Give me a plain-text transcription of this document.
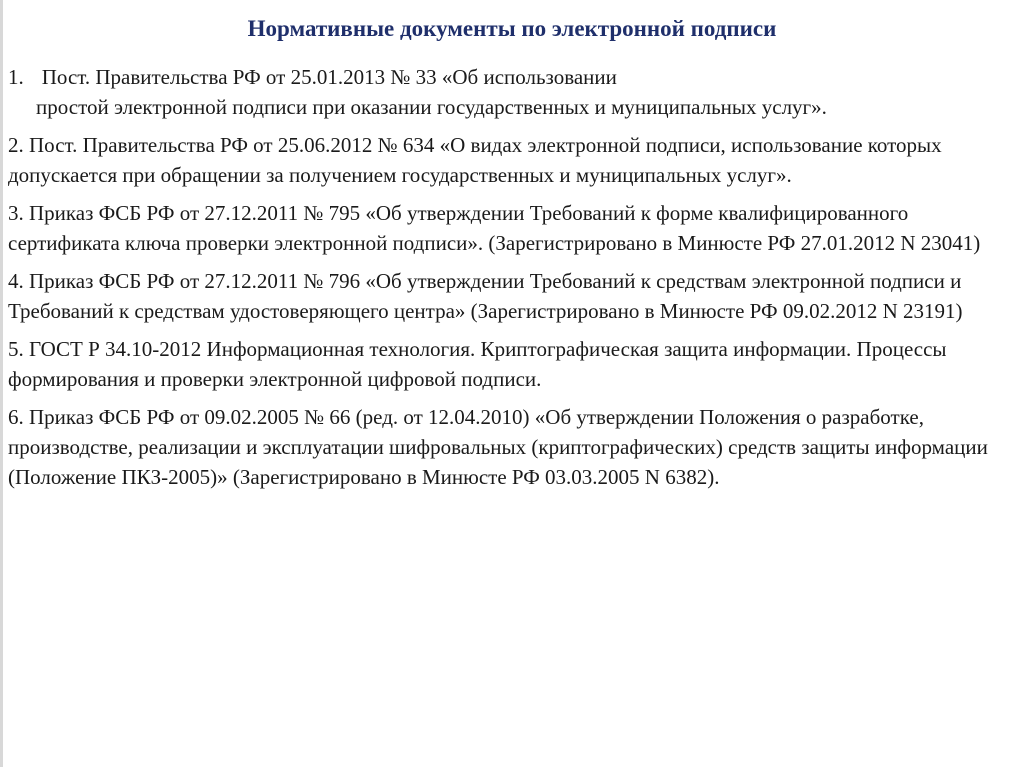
Нормативные документы по электронной подписи
1. Пост. Правительства РФ от 25.01.2013 № 33 «Об использовании
простой электронной подписи при оказании государственных и муниципальных услуг».
2. Пост. Правительства РФ от 25.06.2012 № 634 «О видах электронной подписи, использование которых допускается при обращении за получением государственных и муниципальных услуг».
3. Приказ ФСБ РФ от 27.12.2011 № 795 «Об утверждении Требований к форме квалифицированного сертификата ключа проверки электронной подписи». (Зарегистрировано в Минюсте РФ 27.01.2012 N 23041)
4. Приказ ФСБ РФ от 27.12.2011 № 796 «Об утверждении Требований к средствам электронной подписи и Требований к средствам удостоверяющего центра» (Зарегистрировано в Минюсте РФ 09.02.2012 N 23191)
5. ГОСТ Р 34.10-2012 Информационная технология. Криптографическая защита информации. Процессы формирования и проверки электронной цифровой подписи.
6. Приказ ФСБ РФ от 09.02.2005 № 66 (ред. от 12.04.2010) «Об утверждении Положения о разработке, производстве, реализации и эксплуатации шифровальных (криптографических) средств защиты информации (Положение ПКЗ-2005)» (Зарегистрировано в Минюсте РФ 03.03.2005 N 6382).
